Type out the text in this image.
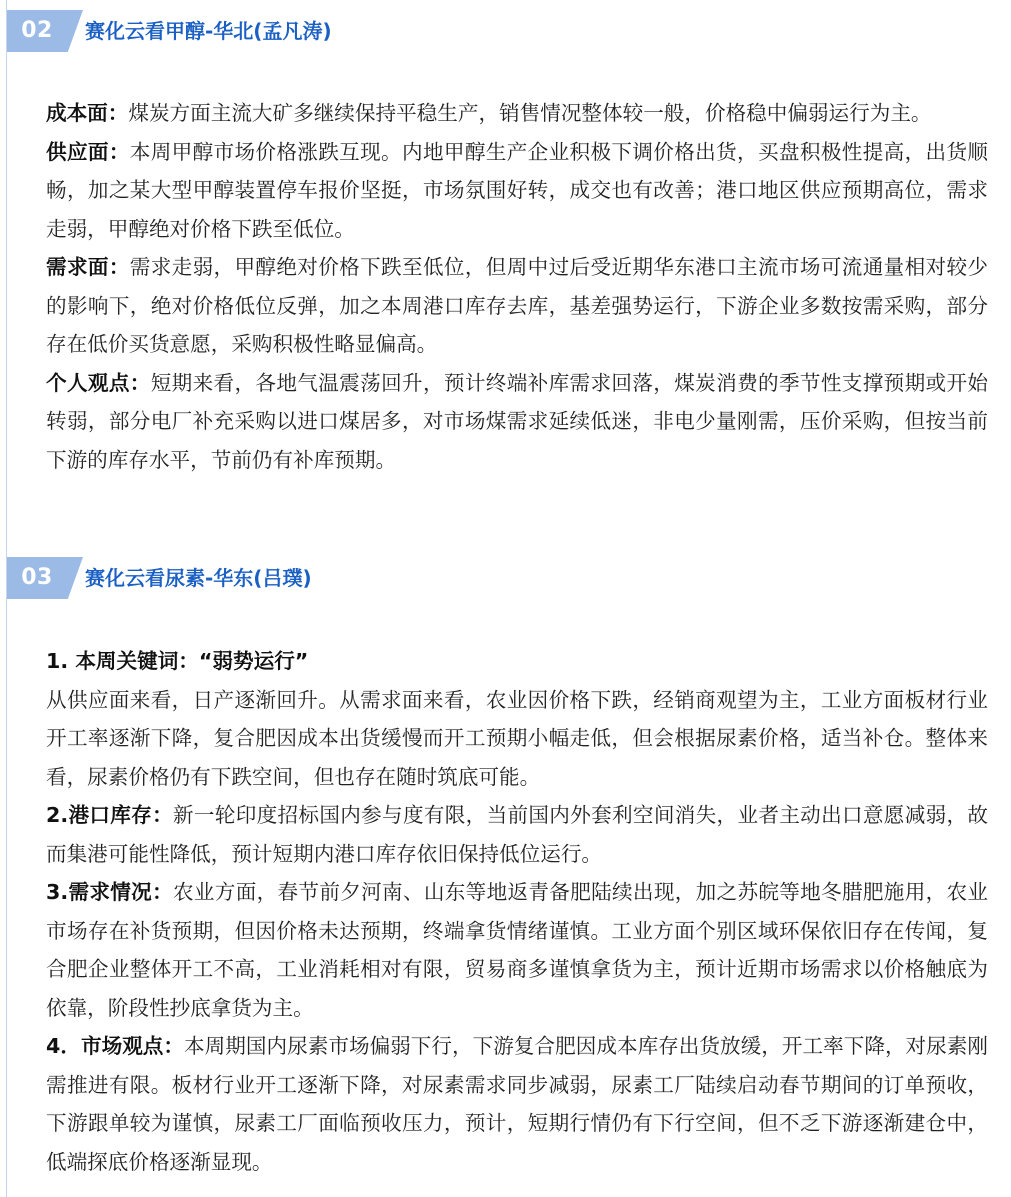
02	赛化云看甲醇-华北(孟凡涛)

成本面：煤炭方面主流大矿多继续保持平稳生产，销售情况整体较一般，价格稳中偏弱运行为主。

供应面：本周甲醇市场价格涨跌互现。内地甲醇生产企业积极下调价格出货，买盘积极性提高，出货顺畅，加之某大型甲醇装置停车报价坚挺，市场氛围好转，成交也有改善；港口地区供应预期高位，需求走弱，甲醇绝对价格下跌至低位。

需求面：需求走弱，甲醇绝对价格下跌至低位，但周中过后受近期华东港口主流市场可流通量相对较少的影响下，绝对价格低位反弹，加之本周港口库存去库，基差强势运行，下游企业多数按需采购，部分存在低价买货意愿，采购积极性略显偏高。

个人观点：短期来看，各地气温震荡回升，预计终端补库需求回落，煤炭消费的季节性支撑预期或开始转弱，部分电厂补充采购以进口煤居多，对市场煤需求延续低迷，非电少量刚需，压价采购，但按当前下游的库存水平，节前仍有补库预期。

03	赛化云看尿素-华东(吕璞)

1. 本周关键词：“弱势运行”

从供应面来看，日产逐渐回升。从需求面来看，农业因价格下跌，经销商观望为主，工业方面板材行业开工率逐渐下降，复合肥因成本出货缓慢而开工预期小幅走低，但会根据尿素价格，适当补仓。整体来看，尿素价格仍有下跌空间，但也存在随时筑底可能。

2.港口库存：新一轮印度招标国内参与度有限，当前国内外套利空间消失，业者主动出口意愿减弱，故而集港可能性降低，预计短期内港口库存依旧保持低位运行。

3.需求情况：农业方面，春节前夕河南、山东等地返青备肥陆续出现，加之苏皖等地冬腊肥施用，农业市场存在补货预期，但因价格未达预期，终端拿货情绪谨慎。工业方面个别区域环保依旧存在传闻，复合肥企业整体开工不高，工业消耗相对有限，贸易商多谨慎拿货为主，预计近期市场需求以价格触底为依靠，阶段性抄底拿货为主。

4．市场观点：本周期国内尿素市场偏弱下行，下游复合肥因成本库存出货放缓，开工率下降，对尿素刚需推进有限。板材行业开工逐渐下降，对尿素需求同步减弱，尿素工厂陆续启动春节期间的订单预收，下游跟单较为谨慎，尿素工厂面临预收压力，预计，短期行情仍有下行空间，但不乏下游逐渐建仓中，低端探底价格逐渐显现。
